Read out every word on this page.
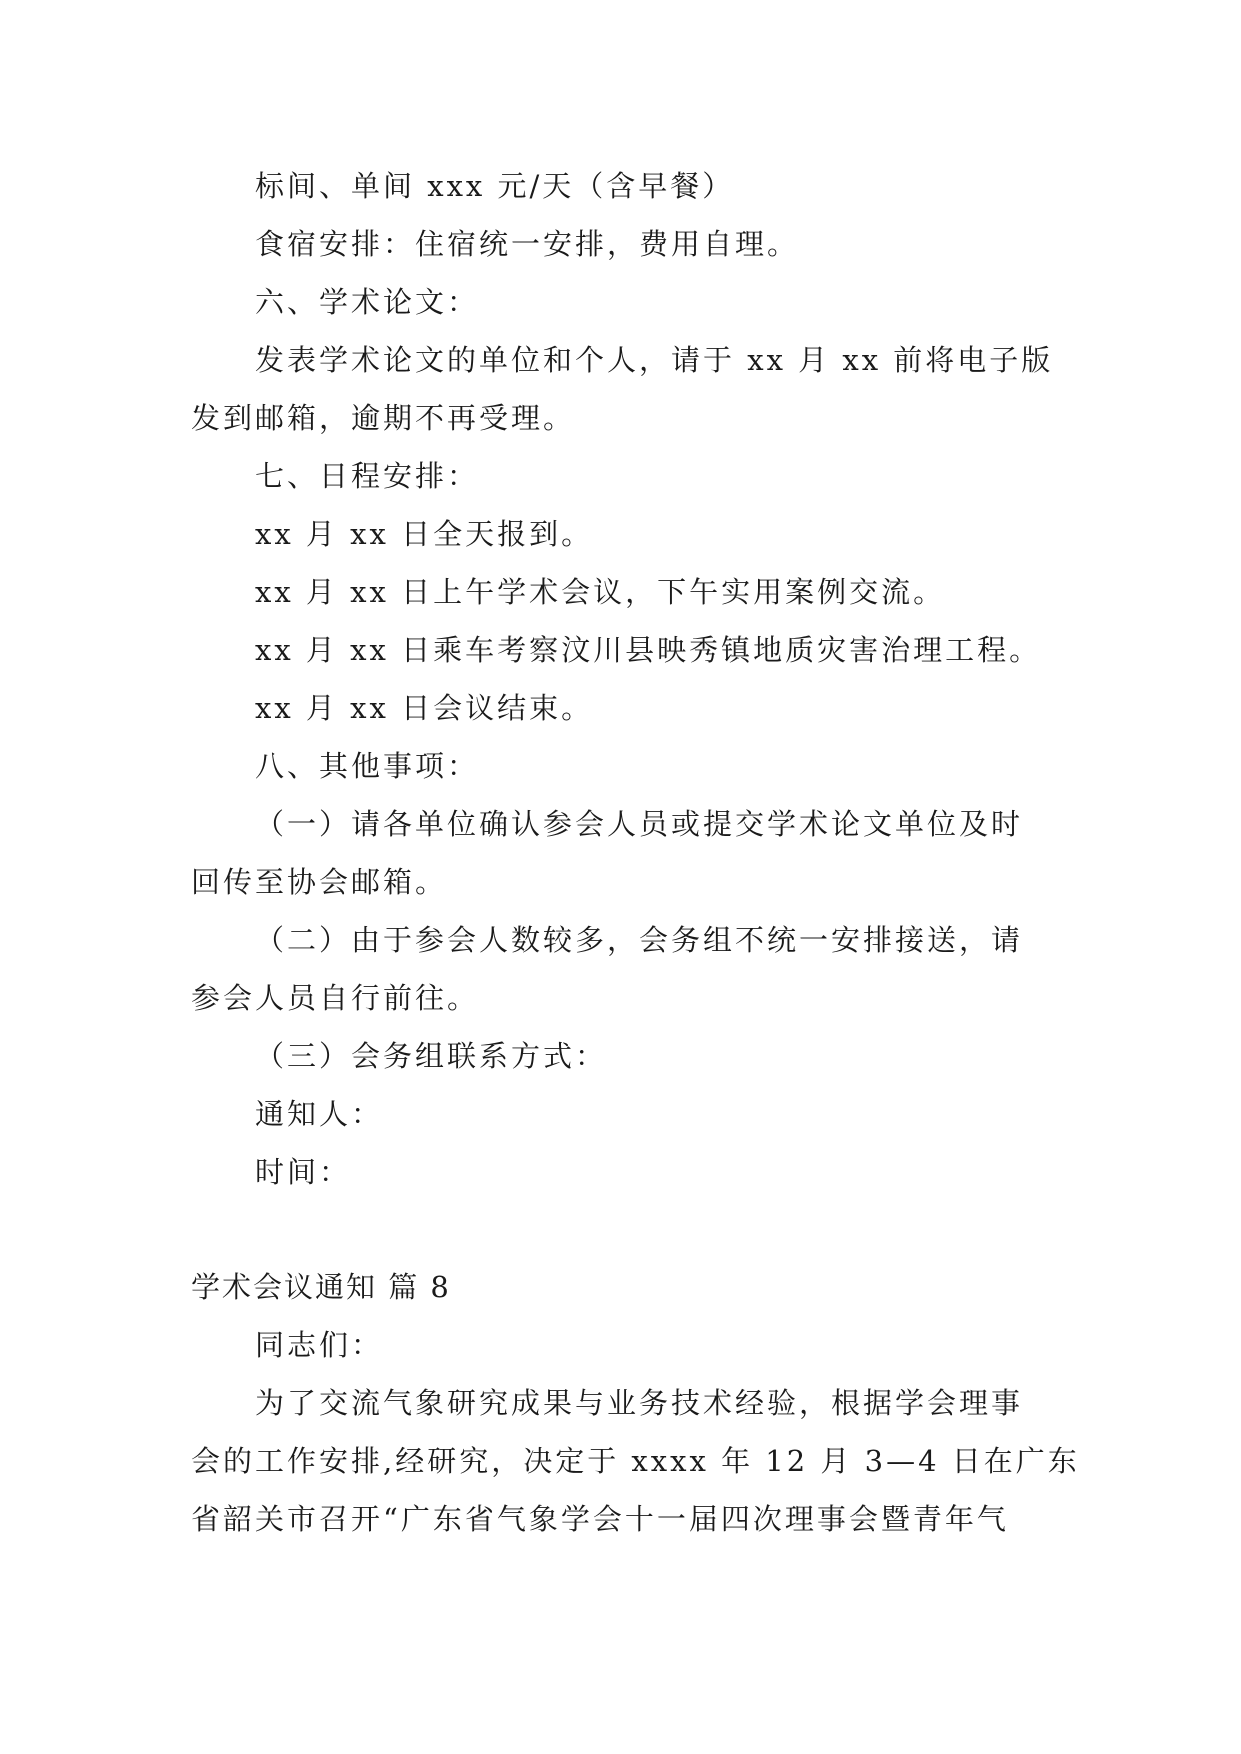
标间、单间 xxx 元/天（含早餐）
食宿安排：住宿统一安排，费用自理。
六、学术论文：
发表学术论文的单位和个人，请于 xx 月 xx 前将电子版
发到邮箱，逾期不再受理。
七、日程安排：
xx 月 xx 日全天报到。
xx 月 xx 日上午学术会议，下午实用案例交流。
xx 月 xx 日乘车考察汶川县映秀镇地质灾害治理工程。
xx 月 xx 日会议结束。
八、其他事项：
（一）请各单位确认参会人员或提交学术论文单位及时
回传至协会邮箱。
（二）由于参会人数较多，会务组不统一安排接送，请
参会人员自行前往。
（三）会务组联系方式：
通知人：
时间：
学术会议通知 篇 8
同志们：
为了交流气象研究成果与业务技术经验，根据学会理事
会的工作安排,经研究，决定于 xxxx 年 12 月 3—4 日在广东
省韶关市召开“广东省气象学会十一届四次理事会暨青年气
